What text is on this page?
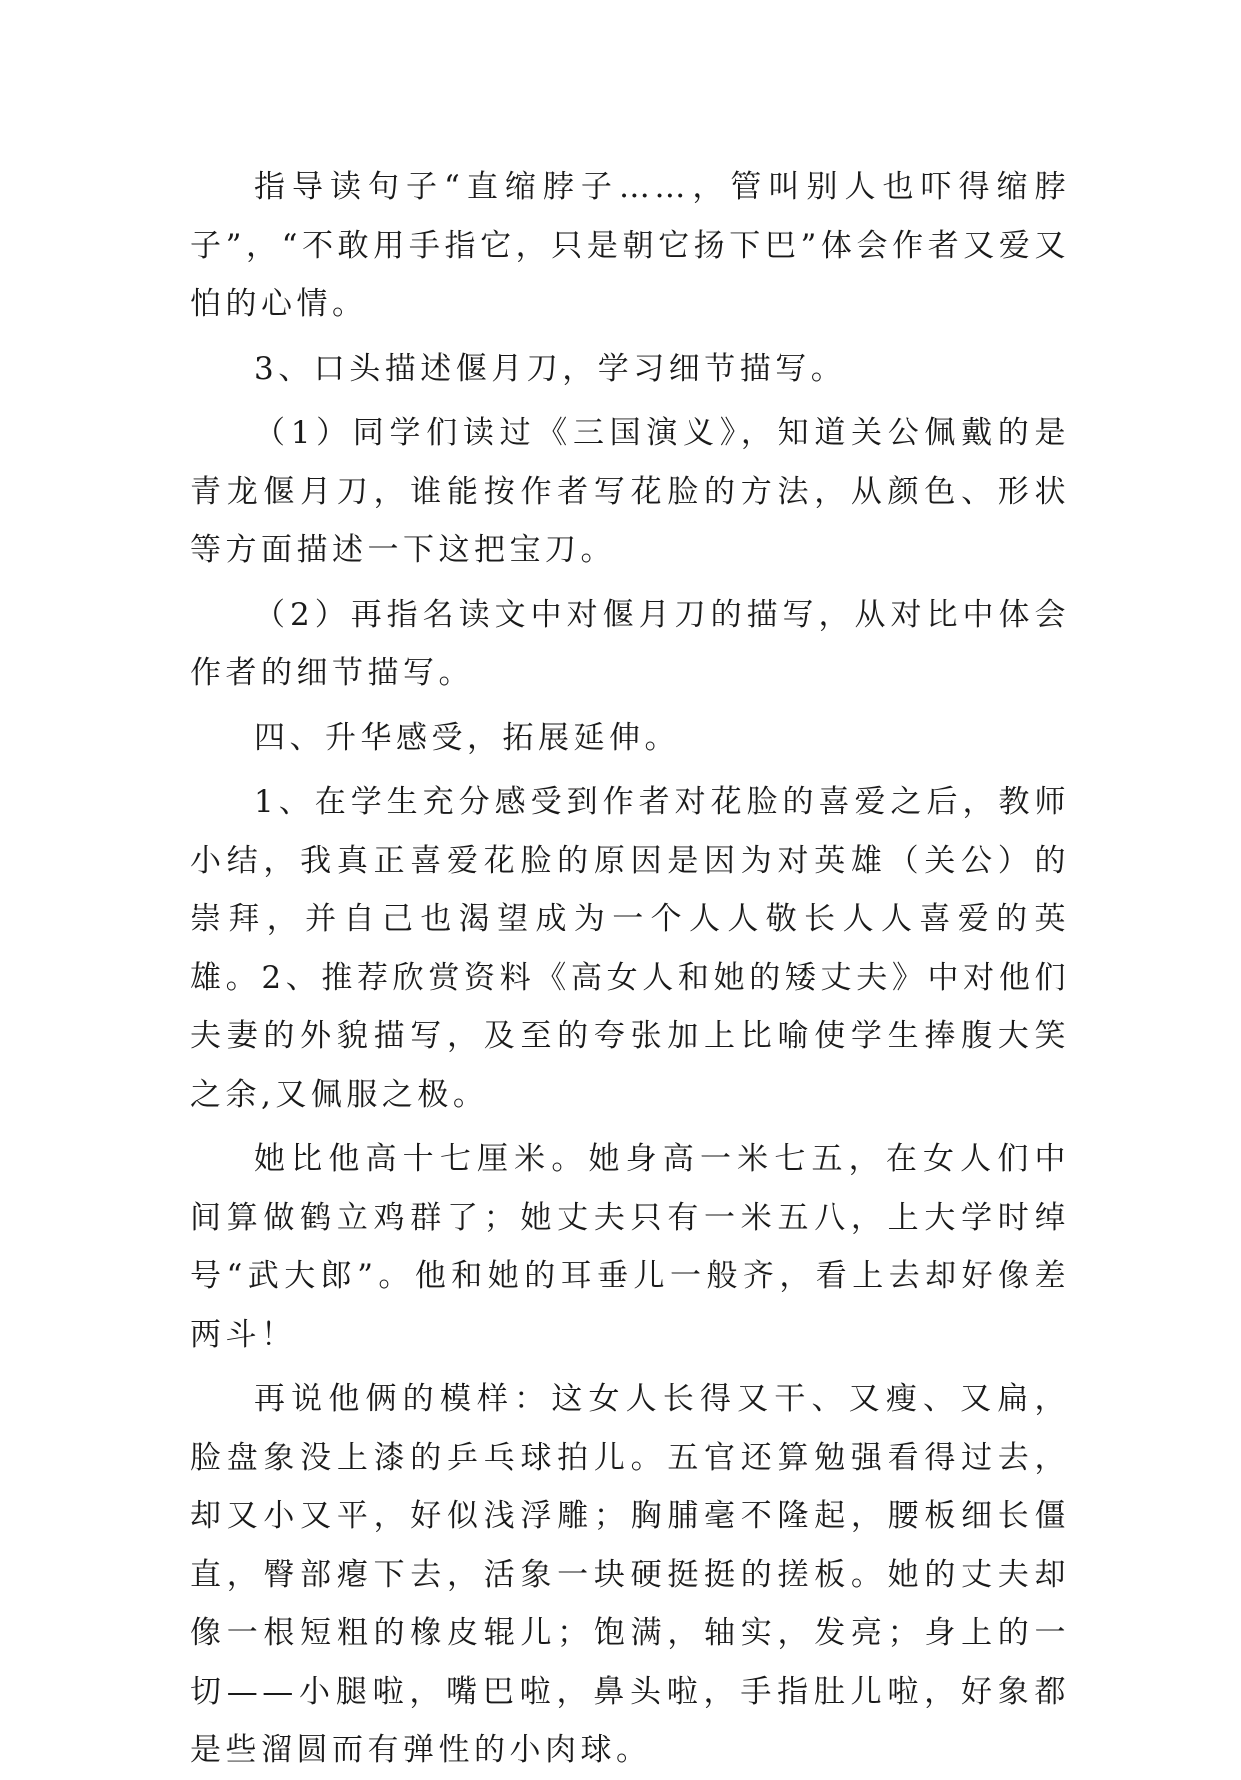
指导读句子“直缩脖子……，管叫别人也吓得缩脖子”，“不敢用手指它，只是朝它扬下巴”体会作者又爱又怕的心情。

3、口头描述偃月刀，学习细节描写。

（1）同学们读过《三国演义》，知道关公佩戴的是青龙偃月刀，谁能按作者写花脸的方法，从颜色、形状等方面描述一下这把宝刀。

（2）再指名读文中对偃月刀的描写，从对比中体会作者的细节描写。

四、升华感受，拓展延伸。

1、在学生充分感受到作者对花脸的喜爱之后，教师小结，我真正喜爱花脸的原因是因为对英雄（关公）的崇拜，并自己也渴望成为一个人人敬长人人喜爱的英雄。2、推荐欣赏资料《高女人和她的矮丈夫》中对他们夫妻的外貌描写，及至的夸张加上比喻使学生捧腹大笑之余,又佩服之极。

她比他高十七厘米。她身高一米七五，在女人们中间算做鹤立鸡群了；她丈夫只有一米五八，上大学时绰号“武大郎”。他和她的耳垂儿一般齐，看上去却好像差两斗！

再说他俩的模样：这女人长得又干、又瘦、又扁，脸盘象没上漆的乒乓球拍儿。五官还算勉强看得过去，却又小又平，好似浅浮雕；胸脯毫不隆起，腰板细长僵直，臀部瘪下去，活象一块硬挺挺的搓板。她的丈夫却像一根短粗的橡皮辊儿；饱满，轴实，发亮；身上的一切——小腿啦，嘴巴啦，鼻头啦，手指肚儿啦，好象都是些溜圆而有弹性的小肉球。
